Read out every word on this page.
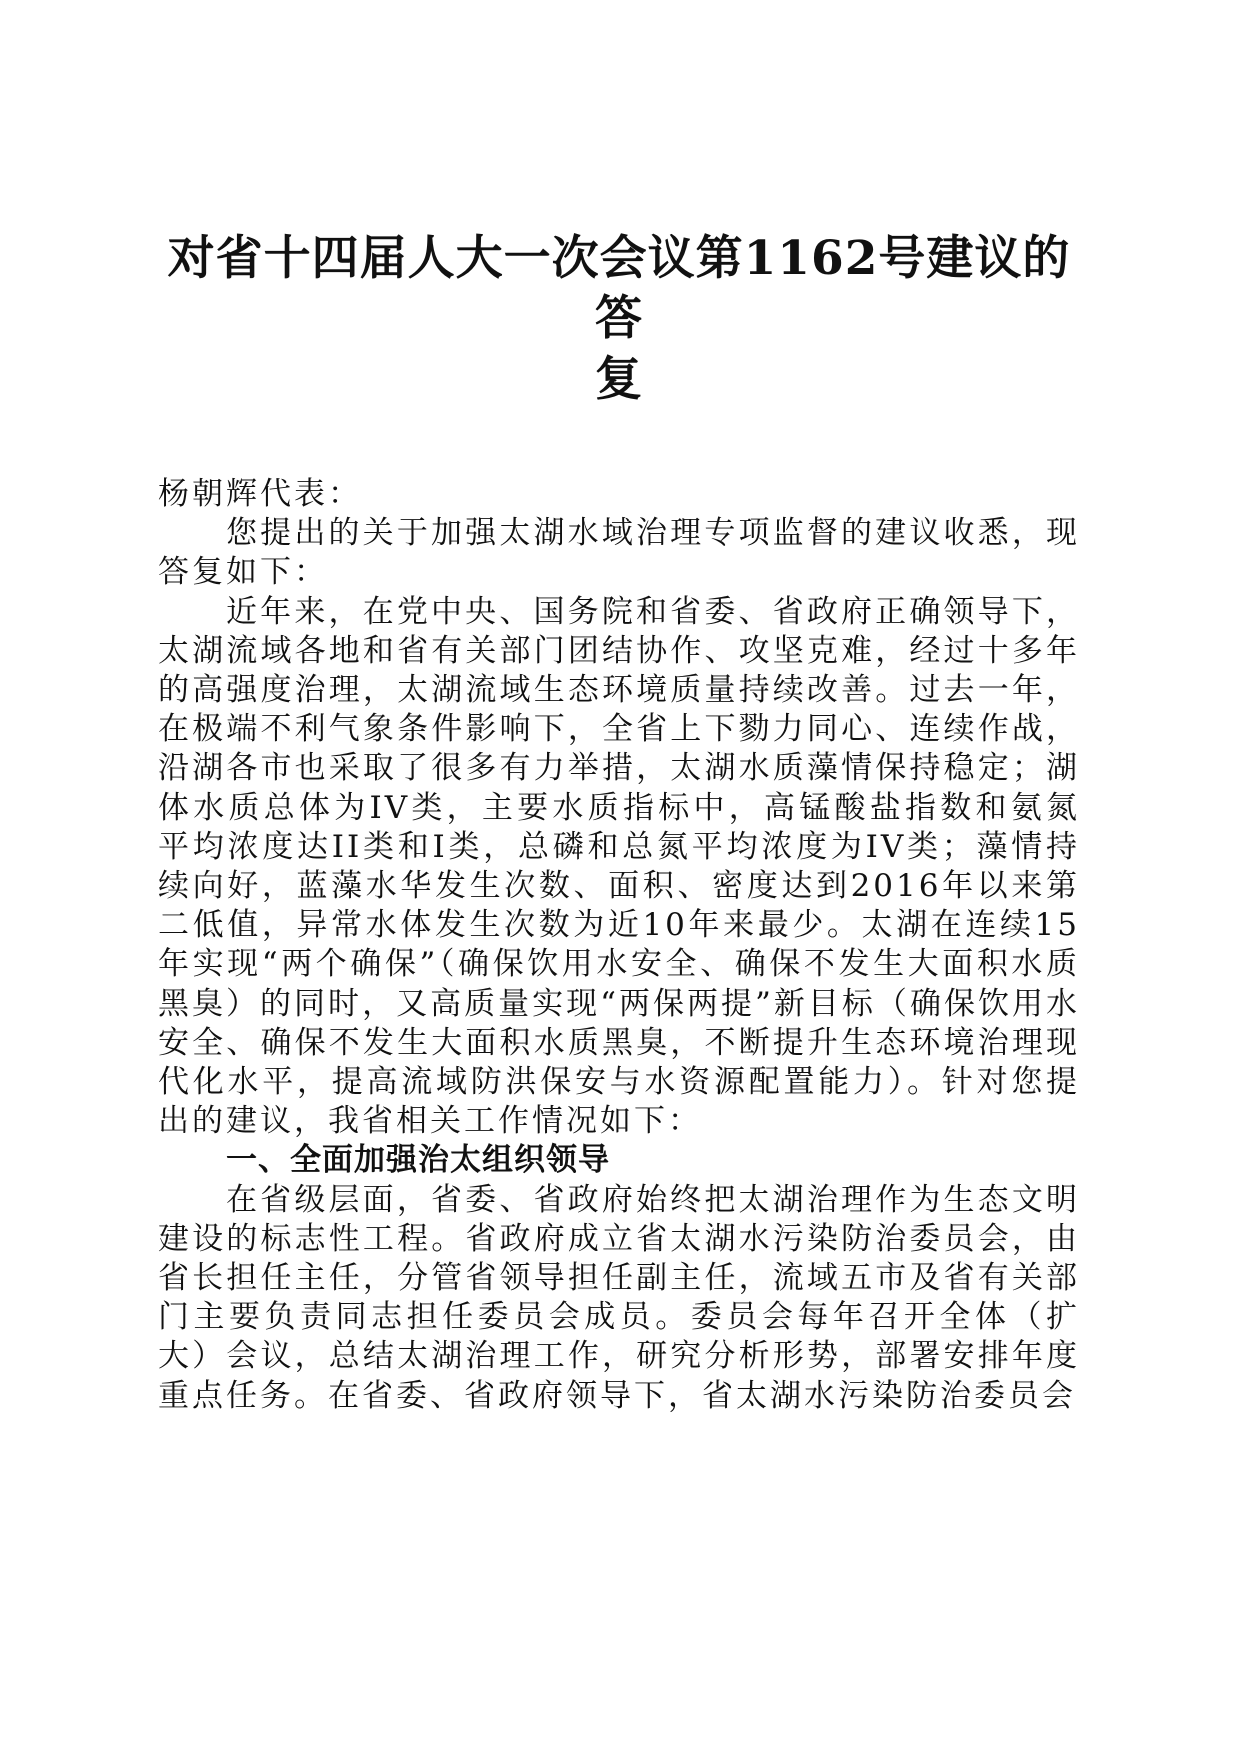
对省十四届人大一次会议第1162号建议的答
复

杨朝辉代表：

您提出的关于加强太湖水域治理专项监督的建议收悉，现答复如下：

近年来，在党中央、国务院和省委、省政府正确领导下，太湖流域各地和省有关部门团结协作、攻坚克难，经过十多年的高强度治理，太湖流域生态环境质量持续改善。过去一年，在极端不利气象条件影响下，全省上下勠力同心、连续作战，沿湖各市也采取了很多有力举措，太湖水质藻情保持稳定；湖体水质总体为IV类，主要水质指标中，高锰酸盐指数和氨氮平均浓度达II类和I类，总磷和总氮平均浓度为IV类；藻情持续向好，蓝藻水华发生次数、面积、密度达到2016年以来第二低值，异常水体发生次数为近10年来最少。太湖在连续15年实现“两个确保”（确保饮用水安全、确保不发生大面积水质黑臭）的同时，又高质量实现“两保两提”新目标（确保饮用水安全、确保不发生大面积水质黑臭，不断提升生态环境治理现代化水平，提高流域防洪保安与水资源配置能力）。针对您提出的建议，我省相关工作情况如下：

一、全面加强治太组织领导

在省级层面，省委、省政府始终把太湖治理作为生态文明建设的标志性工程。省政府成立省太湖水污染防治委员会，由省长担任主任，分管省领导担任副主任，流域五市及省有关部门主要负责同志担任委员会成员。委员会每年召开全体（扩大）会议，总结太湖治理工作，研究分析形势，部署安排年度重点任务。在省委、省政府领导下，省太湖水污染防治委员会
